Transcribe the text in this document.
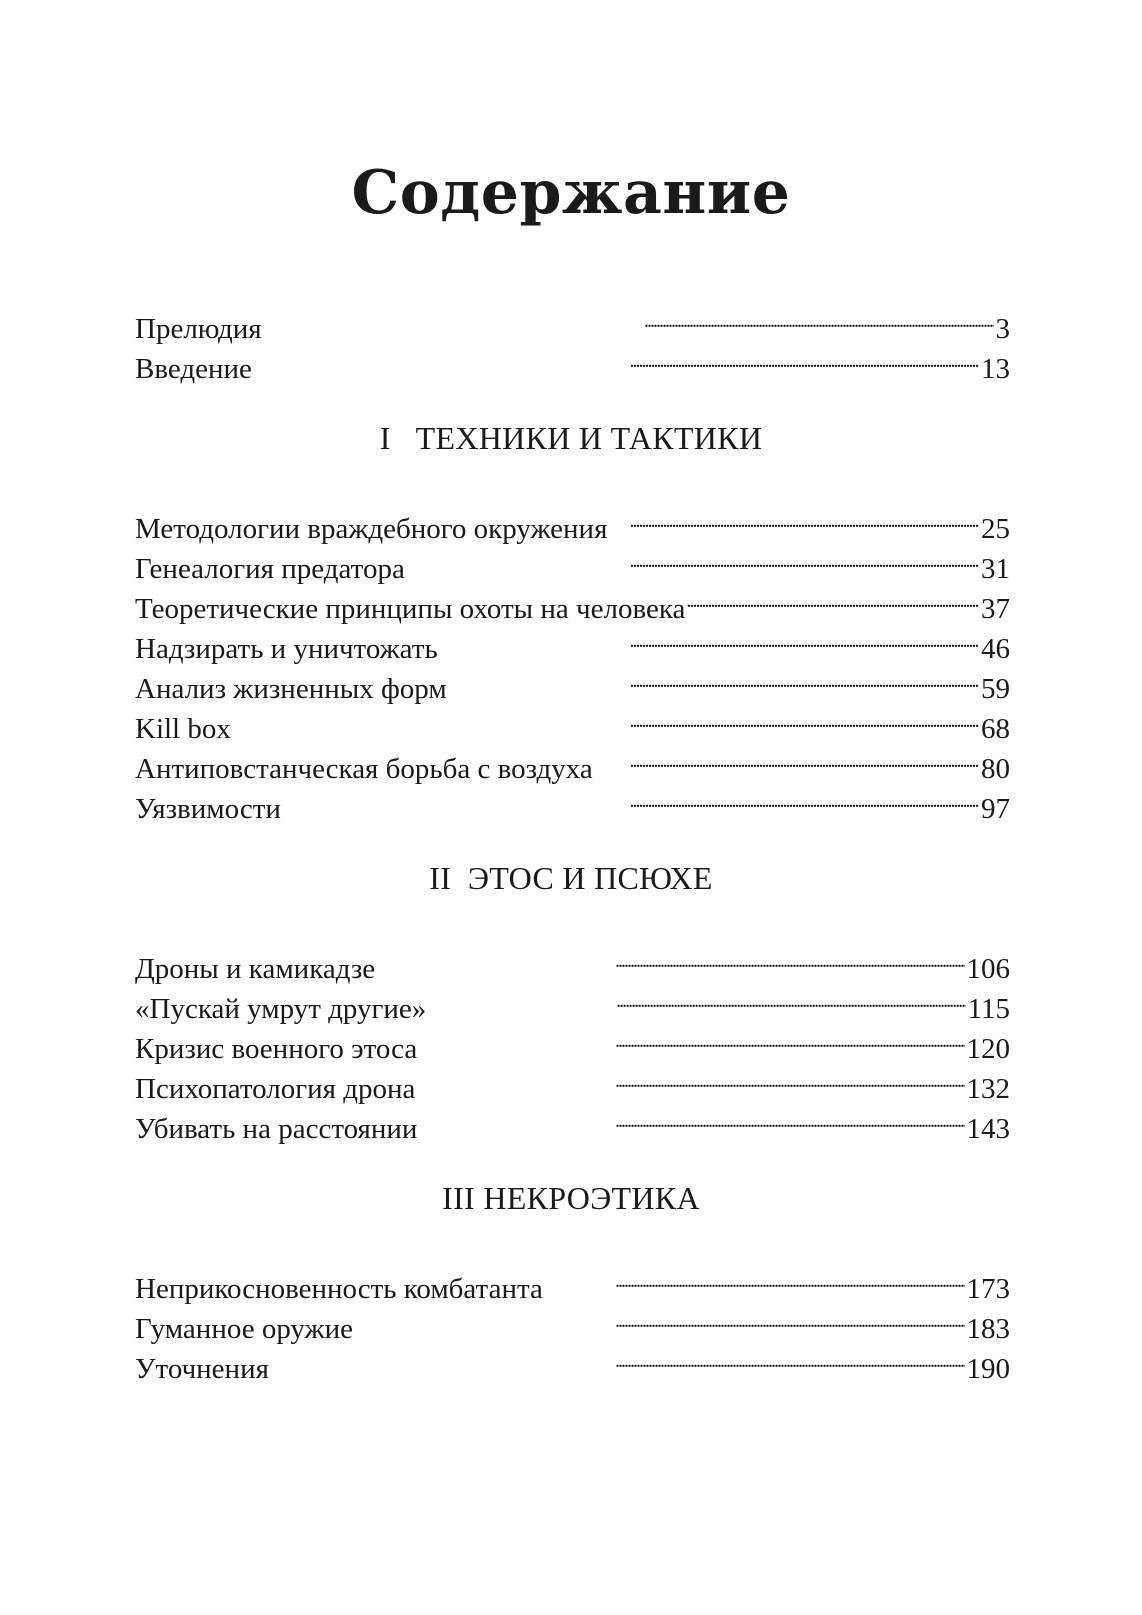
Содержание
Прелюдия . . .	3
Введение . . .	13
I ТЕХНИКИ И ТАКТИКИ
Методологии враждебного окружения . . .	25
Генеалогия предатора . . .	31
Теоретические принципы охоты на человека . . .	37
Надзирать и уничтожать . . .	46
Анализ жизненных форм . . .	59
Kill box . . .	68
Антиповстанческая борьба с воздуха . . .	80
Уязвимости . . .	97
II ЭТОС И ПСЮХЕ
Дроны и камикадзе . . .	106
«Пускай умрут другие» . . .	115
Кризис военного этоса . . .	120
Психопатология дрона . . .	132
Убивать на расстоянии . . .	143
III НЕКРОЭТИКА
Неприкосновенность комбатанта . . .	173
Гуманное оружие . . .	183
Уточнения . . .	190
